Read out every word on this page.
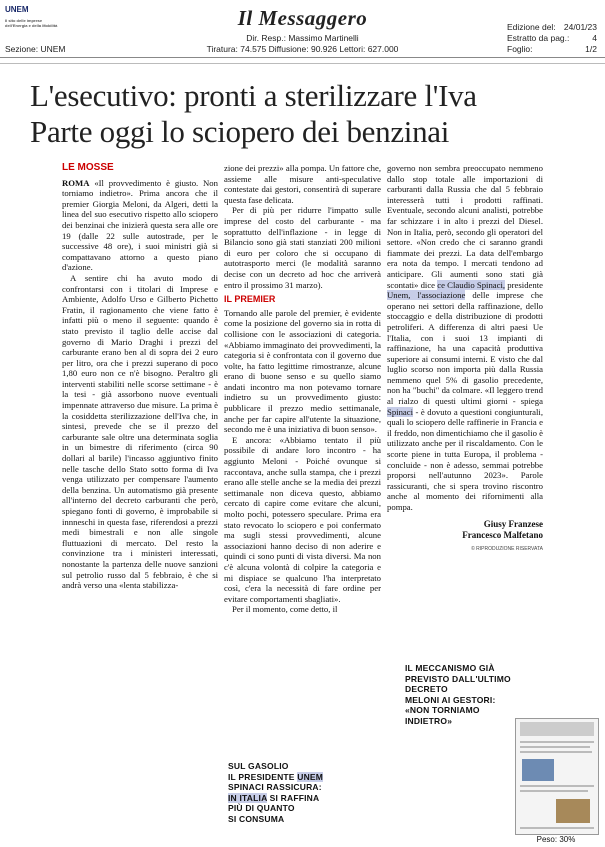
UNEM
Il sito delle imprese dell'Energia e della Mobilità	Il Messaggero
Dir. Resp.: Massimo Martinelli
Sezione: UNEM	Tiratura: 74.575 Diffusione: 90.926 Lettori: 627.000
Edizione del: 24/01/23
Estratto da pag.:	4
Foglio:	1/2
L'esecutivo: pronti a sterilizzare l'Iva
Parte oggi lo sciopero dei benzinai
LE MOSSE

ROMA «Il provvedimento è giusto. Non torniamo indietro». Prima ancora che il premier Giorgia Meloni, da Algeri, detti la linea del suo esecutivo rispetto allo sciopero dei benzinai che inizierà questa sera alle ore 19 (dalle 22 sulle autostrade, per le successive 48 ore), i suoi ministri già si compattavano attorno a questo piano d'azione.

A sentire chi ha avuto modo di confrontarsi con i titolari di Imprese e Ambiente, Adolfo Urso e Gilberto Pichetto Fratin, il ragionamento che viene fatto è infatti più o meno il seguente: quando è stato previsto il taglio delle accise dal governo di Mario Draghi i prezzi del carburante erano ben al di sopra dei 2 euro per litro, ora che i prezzi superano di poco 1,80 euro non ce n'è bisogno. Peraltro gli interventi stabiliti nelle scorse settimane - è la tesi - già assorbono nuove eventuali impennate attraverso due misure. La prima è la cosiddetta sterilizzazione dell'Iva che, in sintesi, prevede che se il prezzo del carburante sale oltre una determinata soglia in un bimestre di riferimento (circa 90 dollari al barile) l'incasso aggiuntivo finito nelle tasche dello Stato sotto forma di Iva venga utilizzato per compensare l'aumento della benzina. Un automatismo già presente all'interno del decreto carburanti che però, spiegano fonti di governo, è improbabile si innneschi in questa fase, riferendosi a prezzi medi bimestrali e non alle singole fluttuazioni di mercato. Del resto la convinzione tra i ministeri interessati, nonostante la partenza delle nuove sanzioni sul petrolio russo dal 5 febbraio, è che si andrà verso una «lenta stabilizza-

zione dei prezzi» alla pompa. Un fattore che, assieme alle misure anti-speculative contestate dai gestori, consentirà di superare questa fase delicata.

Per di più per ridurre l'impatto sulle imprese del costo del carburante - ma soprattutto dell'inflazione - in legge di Bilancio sono già stati stanziati 200 milioni di euro per coloro che si occupano di autotrasporto merci (le modalità saranno decise con un decreto ad hoc che arriverà entro il prossimo 31 marzo).

IL PREMIER

Tornando alle parole del premier, è evidente come la posizione del governo sia in rotta di collisione con le associazioni di categoria. «Abbiamo immaginato dei provvedimenti, la categoria si è confrontata con il governo due volte, ha fatto legittime rimostranze, alcune erano di buone senso e su quello siamo andati incontro ma non potevamo tornare indietro su un provvedimento giusto: pubblicare il prezzo medio settimanale, anche per far capire all'utente la situazione, secondo me è una iniziativa di buon senso».

E ancora: «Abbiamo tentato il più possibile di andare loro incontro - ha aggiunto Meloni - Poiché ovunque si raccontava, anche sulla stampa, che i prezzi erano alle stelle anche se la media dei prezzi settimanale non diceva questo, abbiamo cercato di capire come evitare che alcuni, molto pochi, potessero speculare. Prima era stato revocato lo sciopero e poi confermato ma sugli stessi provvedimenti, alcune associazioni hanno deciso di non aderire e quindi ci sono punti di vista diversi. Ma non c'è alcuna volontà di colpire la categoria e mi dispiace se qualcuno l'ha interpretato così, c'era la necessità di fare ordine per evitare comportamenti sbagliati».

Per il momento, come detto, il

governo non sembra preoccupato nemmeno dallo stop totale alle importazioni di carburanti dalla Russia che dal 5 febbraio interesserà tutti i prodotti raffinati. Eventuale, secondo alcuni analisti, potrebbe far schizzare i in alto i prezzi del Diesel. Non in Italia, però, secondo gli operatori del settore. «Non credo che ci saranno grandi fiammate dei prezzi. La data dell'embargo era nota da tempo. I mercati tendono ad anticipare. Gli aumenti sono stati già scontati» dice ce Claudio Spinaci, presidente Unem, l'associazione delle imprese che operano nei settori della raffinazione, dello stoccaggio e della distribuzione di prodotti petroliferi. A differenza di altri paesi Ue l'Italia, con i suoi 13 impianti di raffinazione, ha una capacità produttiva superiore ai consumi interni. E visto che dal luglio scorso non importa più dalla Russia nemmeno quel 5% di gasolio precedente, non ha "buchi" da colmare. «Il leggero trend al rialzo di questi ultimi giorni - spiega Spinaci - è dovuto a questioni congiunturali, quali lo sciopero delle raffinerie in Francia e il freddo, non dimentichiamo che il gasolio è utilizzato anche per il riscaldamento. Con le scorte piene in tutta Europa, il problema - concluide - non è adesso, semmai potrebbe proporsi nell'autunno 2023». Parole rassicuranti, che si spera trovino riscontro anche al momento dei rifornimenti alla pompa.

Giusy Franzese
Francesco Malfetano
© RIPRODUZIONE RISERVATA
IL MECCANISMO GIÀ
PREVISTO DALL'ULTIMO
DECRETO
MELONI AI GESTORI:
«NON TORNIAMO
INDIETRO»
SUL GASOLIO
IL PRESIDENTE UNEM
SPINACI RASSICURA:
IN ITALIA SI RAFFINA
PIÙ DI QUANTO
SI CONSUMA
Peso: 30%
